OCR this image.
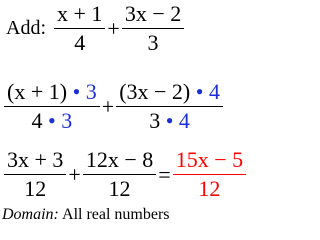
Add: $\frac{x + 1}{4} + \frac{3x - 2}{3}$
$\frac{(x + 1) • 3}{4 • 3} + \frac{(3x - 2) • 4}{3 • 4}$
$\frac{3x + 3}{12} + \frac{12x - 8}{12} = \frac{15x - 5}{12}$
Domain: All real numbers
